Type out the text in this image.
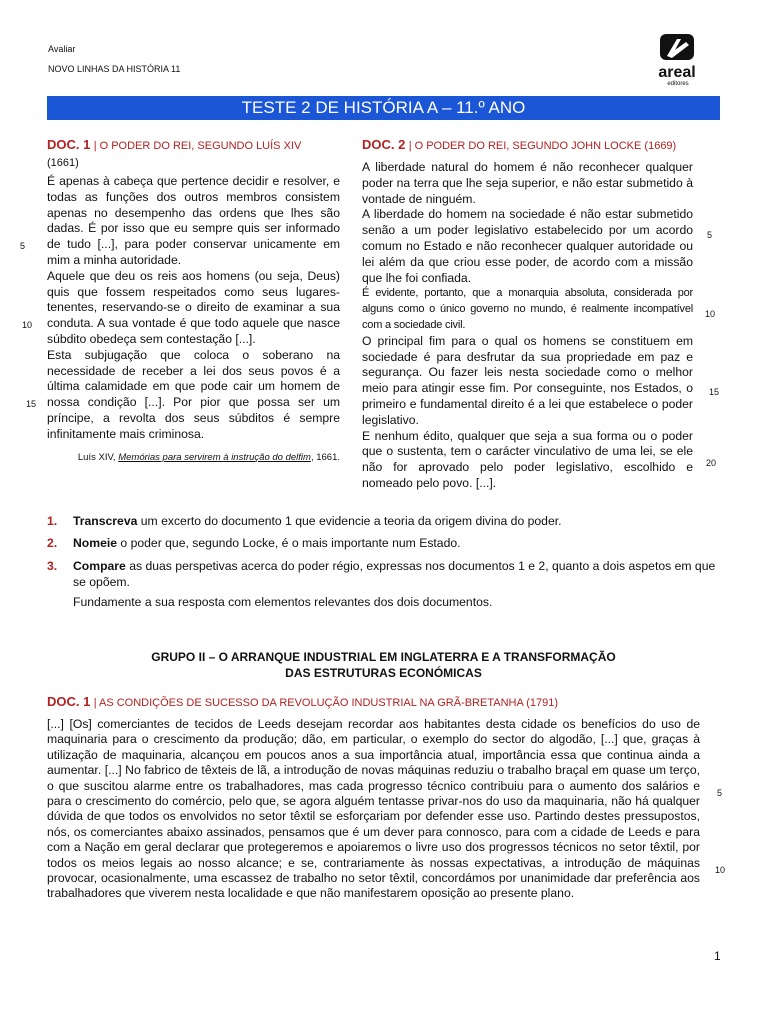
Avaliar
NOVO LINHAS DA HISTÓRIA 11	areal
editores
TESTE 2 DE HISTÓRIA A – 11.º ANO
DOC. 1 | O PODER DO REI, SEGUNDO LUÍS XIV
(1661)

É apenas à cabeça que pertence decidir e resolver, e todas as funções dos outros membros consistem apenas no desempenho das ordens que lhes são dadas. É por isso que eu sempre quis ser informado de tudo [...], para poder conservar unicamente em mim a minha autoridade.

Aquele que deu os reis aos homens (ou seja, Deus) quis que fossem respeitados como seus lugares-tenentes, reservando-se o direito de examinar a sua conduta. A sua vontade é que todo aquele que nasce súbdito obedeça sem contestação [...].

Esta subjugação que coloca o soberano na necessidade de receber a lei dos seus povos é a última calamidade em que pode cair um homem de nossa condição [...]. Por pior que possa ser um príncipe, a revolta dos seus súbditos é sempre infinitamente mais criminosa.

Luís XIV, Memórias para servirem à instrução do delfim, 1661.
5
10
15
DOC. 2 | O PODER DO REI, SEGUNDO JOHN LOCKE (1669)

A liberdade natural do homem é não reconhecer qualquer poder na terra que lhe seja superior, e não estar submetido à vontade de ninguém.

A liberdade do homem na sociedade é não estar submetido senão a um poder legislativo estabelecido por um acordo comum no Estado e não reconhecer qualquer autoridade ou lei além da que criou esse poder, de acordo com a missão que lhe foi confiada.

É evidente, portanto, que a monarquia absoluta, considerada por alguns como o único governo no mundo, é realmente incompatível com a sociedade civil.

O principal fim para o qual os homens se constituem em sociedade é para desfrutar da sua propriedade em paz e segurança. Ou fazer leis nesta sociedade como o melhor meio para atingir esse fim. Por conseguinte, nos Estados, o primeiro e fundamental direito é a lei que estabelece o poder legislativo.

E nenhum édito, qualquer que seja a sua forma ou o poder que o sustenta, tem o carácter vinculativo de uma lei, se ele não for aprovado pelo poder legislativo, escolhido e nomeado pelo povo. [...].

5
10
15
20
1. Transcreva um excerto do documento 1 que evidencie a teoria da origem divina do poder.
2. Nomeie o poder que, segundo Locke, é o mais importante num Estado.
3.	Compare as duas perspetivas acerca do poder régio, expressas nos documentos 1 e 2, quanto a dois aspetos em que se opõem.
Fundamente a sua resposta com elementos relevantes dos dois documentos.
GRUPO II – O ARRANQUE INDUSTRIAL EM INGLATERRA E A TRANSFORMAÇÃO
DAS ESTRUTURAS ECONÓMICAS
DOC. 1 | AS CONDIÇÕES DE SUCESSO DA REVOLUÇÃO INDUSTRIAL NA GRÃ-BRETANHA (1791)
[...] [Os] comerciantes de tecidos de Leeds desejam recordar aos habitantes desta cidade os benefícios do uso de maquinaria para o crescimento da produção; dão, em particular, o exemplo do sector do algodão, [...] que, graças à utilização de maquinaria, alcançou em poucos anos a sua importância atual, importância essa que continua ainda a aumentar. [...] No fabrico de têxteis de lã, a introdução de novas máquinas reduziu o trabalho braçal em quase um terço, o que suscitou alarme entre os trabalhadores, mas cada progresso técnico contribuiu para o aumento dos salários e para o crescimento do comércio, pelo que, se agora alguém tentasse privar-nos do uso da maquinaria, não há qualquer dúvida de que todos os envolvidos no setor têxtil se esforçariam por defender esse uso. Partindo destes pressupostos, nós, os comerciantes abaixo assinados, pensamos que é um dever para connosco, para com a cidade de Leeds e para com a Nação em geral declarar que protegeremos e apoiaremos o livre uso dos progressos técnicos no setor têxtil, por todos os meios legais ao nosso alcance; e se, contrariamente às nossas expectativas, a introdução de máquinas provocar, ocasionalmente, uma escassez de trabalho no setor têxtil, concordámos por unanimidade dar preferência aos trabalhadores que viverem nesta localidade e que não manifestarem oposição ao presente plano.
5
10
1
